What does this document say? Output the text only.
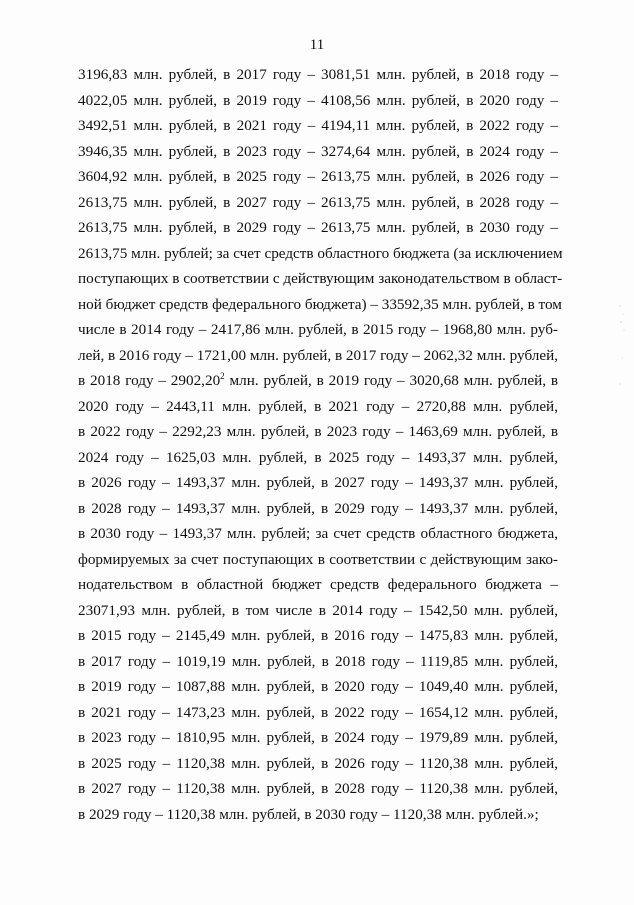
11
3196,83 млн. рублей, в 2017 году – 3081,51 млн. рублей, в 2018 году –
4022,05 млн. рублей, в 2019 году – 4108,56 млн. рублей, в 2020 году –
3492,51 млн. рублей, в 2021 году – 4194,11 млн. рублей, в 2022 году –
3946,35 млн. рублей, в 2023 году – 3274,64 млн. рублей, в 2024 году –
3604,92 млн. рублей, в 2025 году – 2613,75 млн. рублей, в 2026 году –
2613,75 млн. рублей, в 2027 году – 2613,75 млн. рублей, в 2028 году –
2613,75 млн. рублей, в 2029 году – 2613,75 млн. рублей, в 2030 году –
2613,75 млн. рублей; за счет средств областного бюджета (за исключением
поступающих в соответствии с действующим законодательством в област-
ной бюджет средств федерального бюджета) – 33592,35 млн. рублей, в том
числе в 2014 году – 2417,86 млн. рублей, в 2015 году – 1968,80 млн. руб-
лей, в 2016 году – 1721,00 млн. рублей, в 2017 году – 2062,32 млн. рублей,
в 2018 году – 2902,20$^2$ млн. рублей, в 2019 году – 3020,68 млн. рублей, в
2020 году – 2443,11 млн. рублей, в 2021 году – 2720,88 млн. рублей,
в 2022 году – 2292,23 млн. рублей, в 2023 году – 1463,69 млн. рублей, в
2024 году – 1625,03 млн. рублей, в 2025 году – 1493,37 млн. рублей,
в 2026 году – 1493,37 млн. рублей, в 2027 году – 1493,37 млн. рублей,
в 2028 году – 1493,37 млн. рублей, в 2029 году – 1493,37 млн. рублей,
в 2030 году – 1493,37 млн. рублей; за счет средств областного бюджета,
формируемых за счет поступающих в соответствии с действующим зако-
нодательством в областной бюджет средств федерального бюджета –
23071,93 млн. рублей, в том числе в 2014 году – 1542,50 млн. рублей,
в 2015 году – 2145,49 млн. рублей, в 2016 году – 1475,83 млн. рублей,
в 2017 году – 1019,19 млн. рублей, в 2018 году – 1119,85 млн. рублей,
в 2019 году – 1087,88 млн. рублей, в 2020 году – 1049,40 млн. рублей,
в 2021 году – 1473,23 млн. рублей, в 2022 году – 1654,12 млн. рублей,
в 2023 году – 1810,95 млн. рублей, в 2024 году – 1979,89 млн. рублей,
в 2025 году – 1120,38 млн. рублей, в 2026 году – 1120,38 млн. рублей,
в 2027 году – 1120,38 млн. рублей, в 2028 году – 1120,38 млн. рублей,
в 2029 году – 1120,38 млн. рублей, в 2030 году – 1120,38 млн. рублей.»;
